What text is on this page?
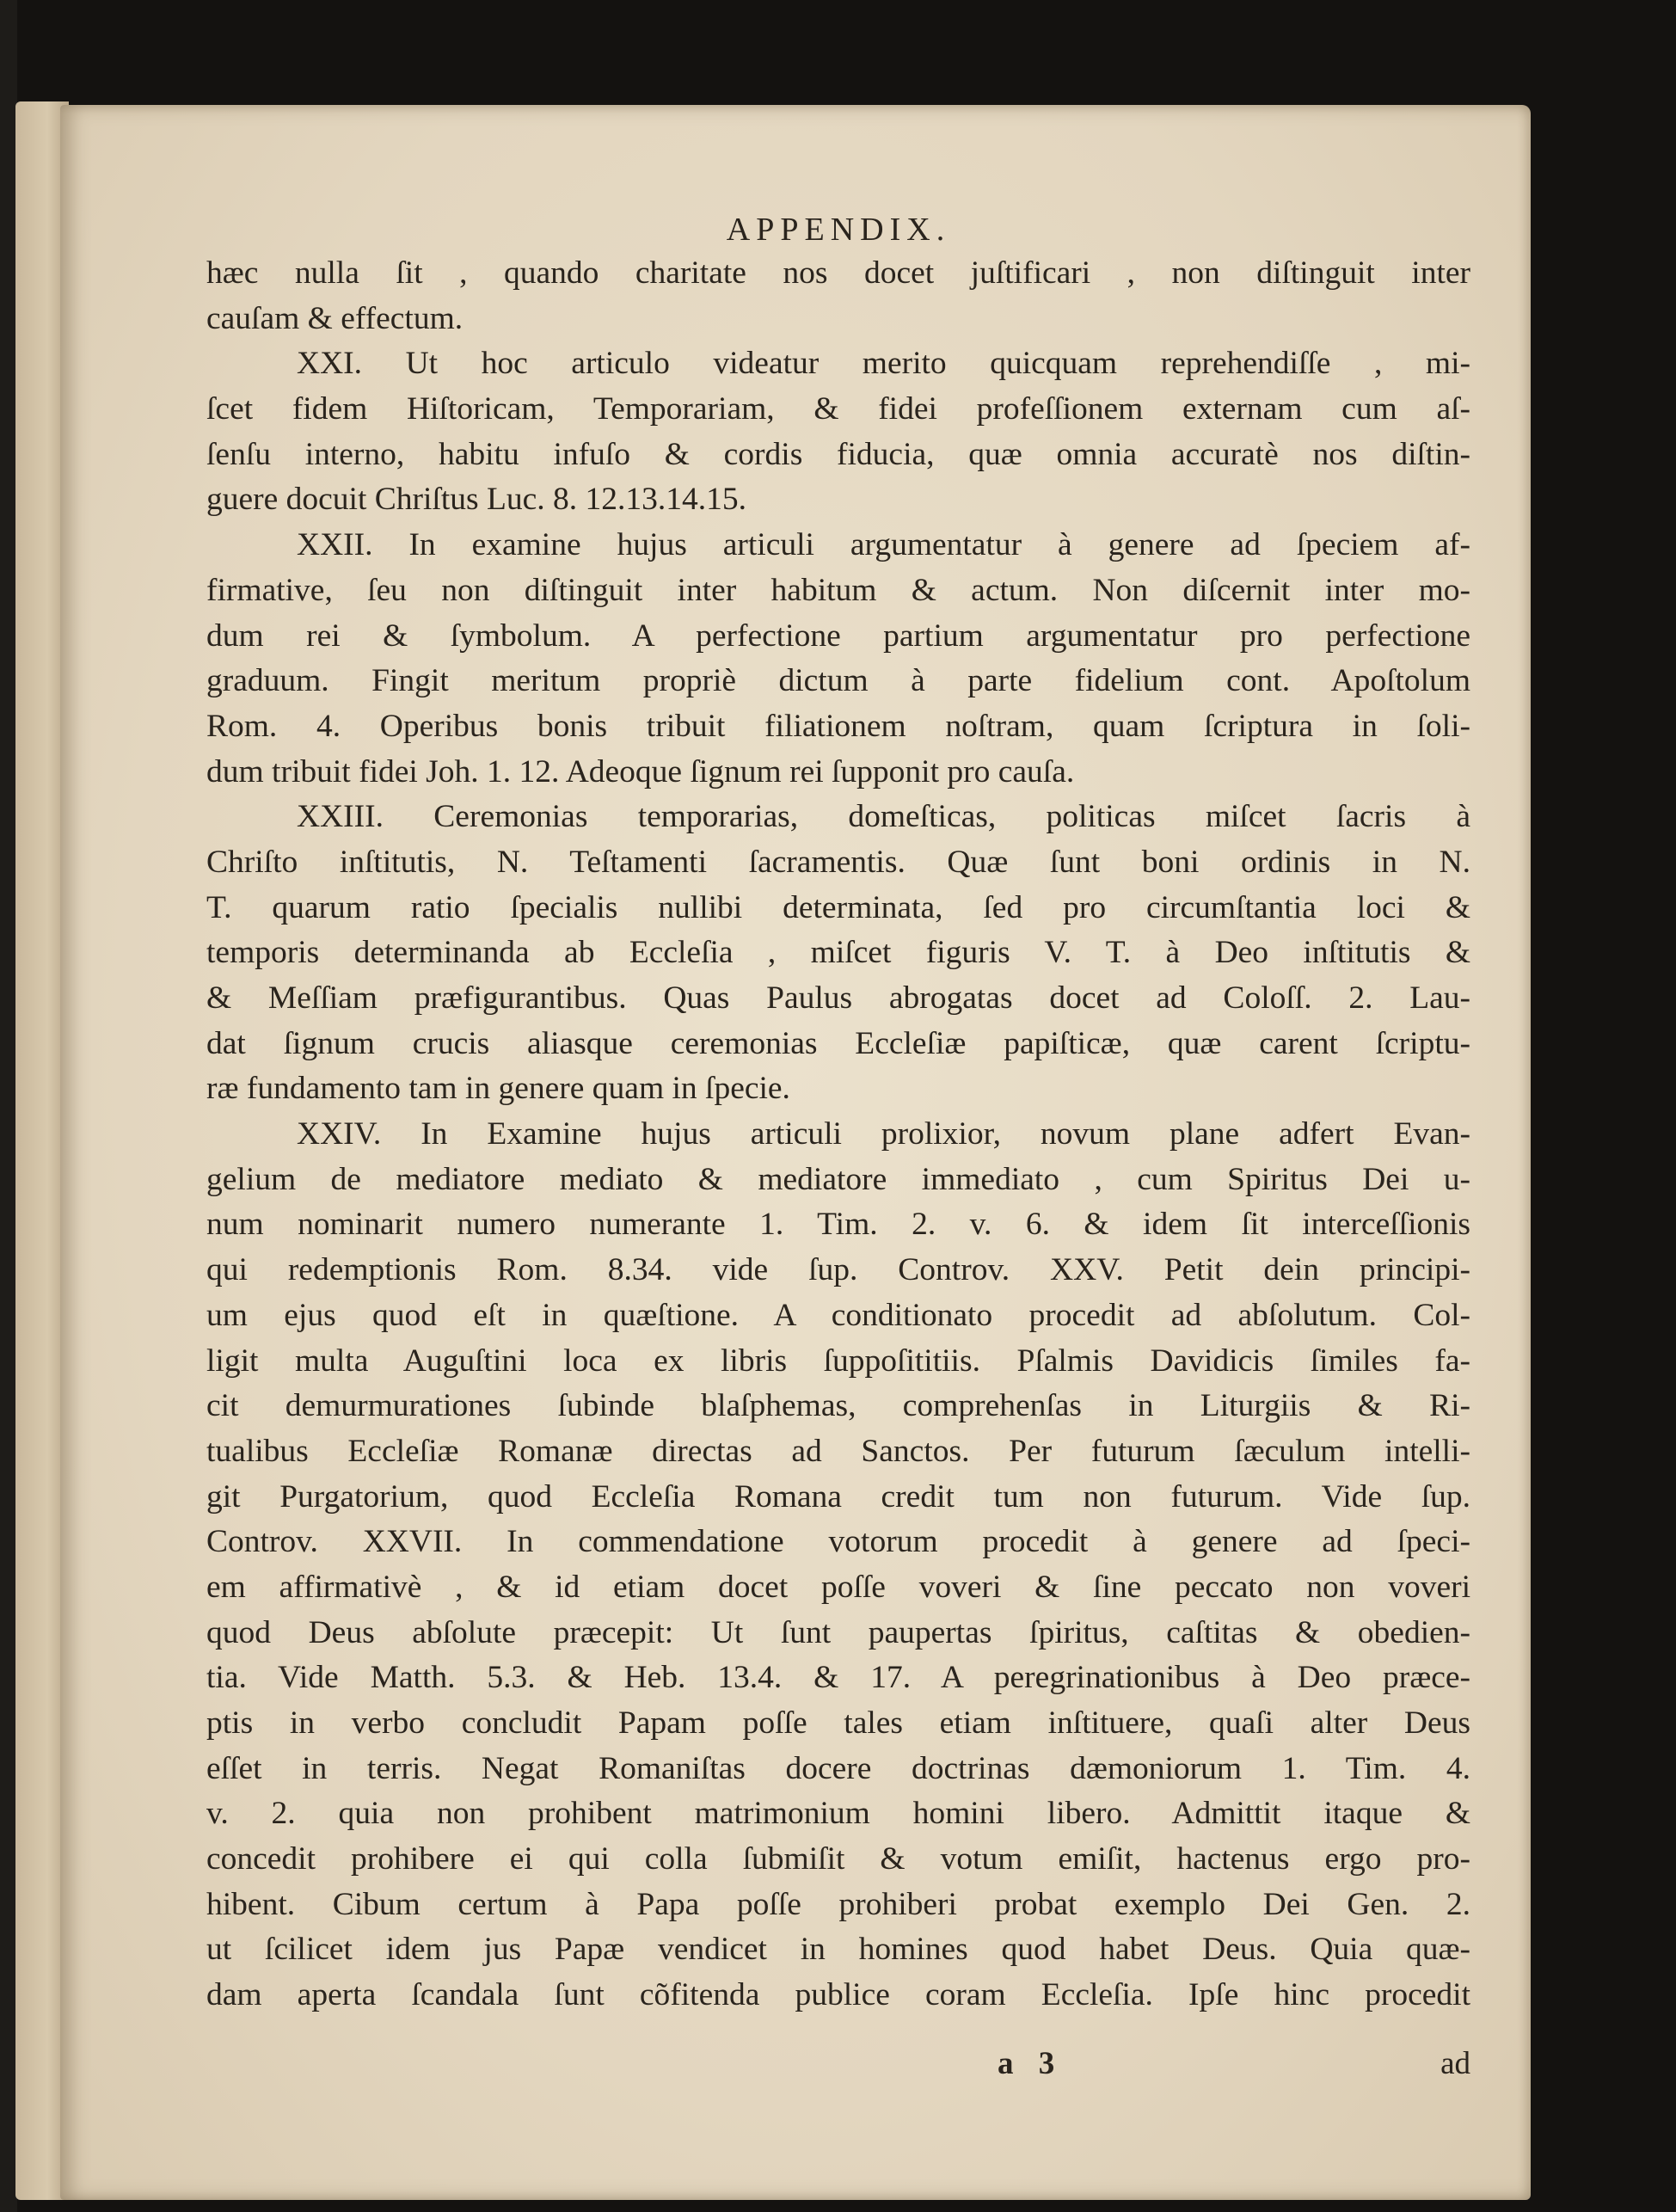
APPENDIX.
hæc nulla ſit , quando charitate nos docet juſtificari , non diſtinguit inter
cauſam & effectum.
XXI. Ut hoc articulo videatur merito quicquam reprehendiſſe , mi-
ſcet fidem Hiſtoricam, Temporariam, & fidei profeſſionem externam cum aſ-
ſenſu interno, habitu infuſo & cordis fiducia, quæ omnia accuratè nos diſtin-
guere docuit Chriſtus Luc. 8. 12.13.14.15.
XXII. In examine hujus articuli argumentatur à genere ad ſpeciem af-
firmative, ſeu non diſtinguit inter habitum & actum. Non diſcernit inter mo-
dum rei & ſymbolum. A perfectione partium argumentatur pro perfectione
graduum. Fingit meritum propriè dictum à parte fidelium cont. Apoſtolum
Rom. 4. Operibus bonis tribuit filiationem noſtram, quam ſcriptura in ſoli-
dum tribuit fidei Joh. 1. 12. Adeoque ſignum rei ſupponit pro cauſa.
XXIII. Ceremonias temporarias, domeſticas, politicas miſcet ſacris à
Chriſto inſtitutis, N. Teſtamenti ſacramentis. Quæ ſunt boni ordinis in N.
T. quarum ratio ſpecialis nullibi determinata, ſed pro circumſtantia loci &
temporis determinanda ab Eccleſia , miſcet figuris V. T. à Deo inſtitutis &
& Meſſiam præfigurantibus. Quas Paulus abrogatas docet ad Coloſſ. 2. Lau-
dat ſignum crucis aliasque ceremonias Eccleſiæ papiſticæ, quæ carent ſcriptu-
ræ fundamento tam in genere quam in ſpecie.
XXIV. In Examine hujus articuli prolixior, novum plane adfert Evan-
gelium de mediatore mediato & mediatore immediato , cum Spiritus Dei u-
num nominarit numero numerante 1. Tim. 2. v. 6. & idem ſit interceſſionis
qui redemptionis Rom. 8.34. vide ſup. Controv. XXV. Petit dein principi-
um ejus quod eſt in quæſtione. A conditionato procedit ad abſolutum. Col-
ligit multa Auguſtini loca ex libris ſuppoſititiis. Pſalmis Davidicis ſimiles fa-
cit demurmurationes ſubinde blaſphemas, comprehenſas in Liturgiis & Ri-
tualibus Eccleſiæ Romanæ directas ad Sanctos. Per futurum ſæculum intelli-
git Purgatorium, quod Eccleſia Romana credit tum non futurum. Vide ſup.
Controv. XXVII. In commendatione votorum procedit à genere ad ſpeci-
em affirmativè , & id etiam docet poſſe voveri & ſine peccato non voveri
quod Deus abſolute præcepit: Ut ſunt paupertas ſpiritus, caſtitas & obedien-
tia. Vide Matth. 5.3. & Heb. 13.4. & 17. A peregrinationibus à Deo præce-
ptis in verbo concludit Papam poſſe tales etiam inſtituere, quaſi alter Deus
eſſet in terris. Negat Romaniſtas docere doctrinas dæmoniorum 1. Tim. 4.
v. 2. quia non prohibent matrimonium homini libero. Admittit itaque &
concedit prohibere ei qui colla ſubmiſit & votum emiſit, hactenus ergo pro-
hibent. Cibum certum à Papa poſſe prohiberi probat exemplo Dei Gen. 2.
ut ſcilicet idem jus Papæ vendicet in homines quod habet Deus. Quia quæ-
dam aperta ſcandala ſunt cõfitenda publice coram Eccleſia. Ipſe hinc procedit
a 3	ad
